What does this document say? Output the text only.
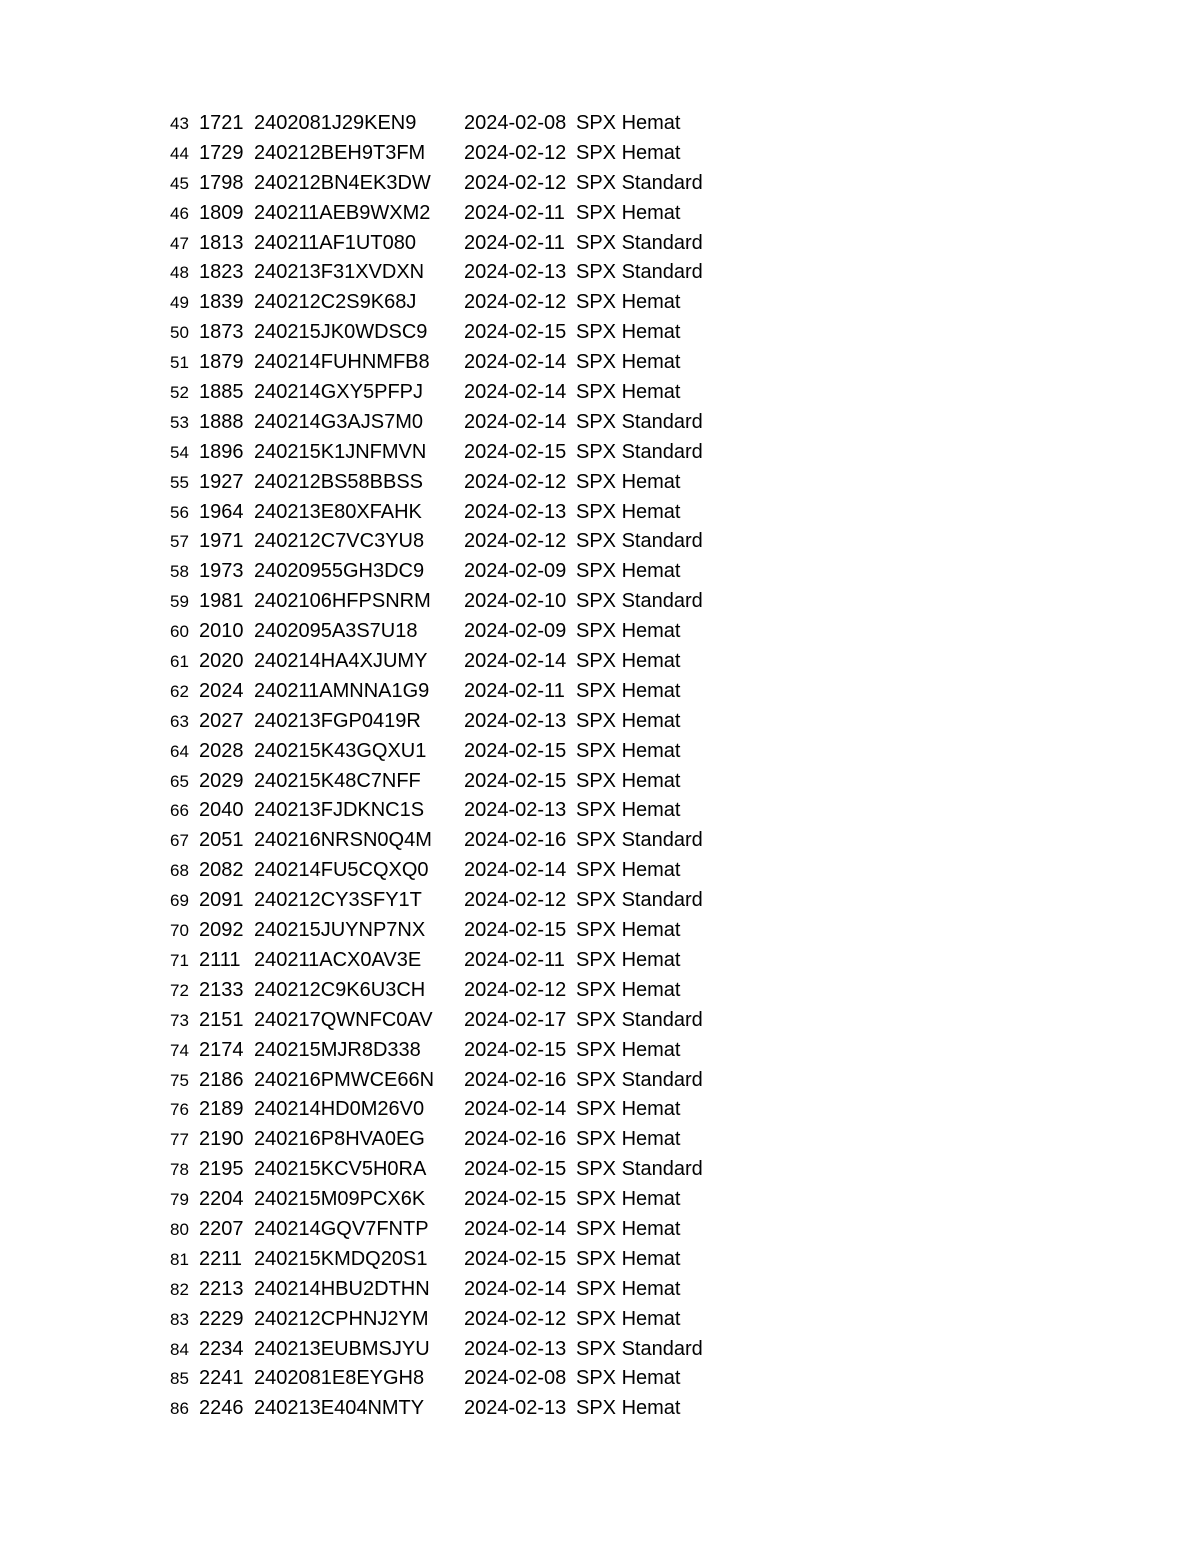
43 1721 2402081J29KEN9 2024-02-08 SPX Hemat
44 1729 240212BEH9T3FM 2024-02-12 SPX Hemat
45 1798 240212BN4EK3DW 2024-02-12 SPX Standard
46 1809 240211AEB9WXM2 2024-02-11 SPX Hemat
47 1813 240211AF1UT080 2024-02-11 SPX Standard
48 1823 240213F31XVDXN 2024-02-13 SPX Standard
49 1839 240212C2S9K68J 2024-02-12 SPX Hemat
50 1873 240215JK0WDSC9 2024-02-15 SPX Hemat
51 1879 240214FUHNMFB8 2024-02-14 SPX Hemat
52 1885 240214GXY5PFPJ 2024-02-14 SPX Hemat
53 1888 240214G3AJS7M0 2024-02-14 SPX Standard
54 1896 240215K1JNFMVN 2024-02-15 SPX Standard
55 1927 240212BS58BBSS 2024-02-12 SPX Hemat
56 1964 240213E80XFAHK 2024-02-13 SPX Hemat
57 1971 240212C7VC3YU8 2024-02-12 SPX Standard
58 1973 24020955GH3DC9 2024-02-09 SPX Hemat
59 1981 2402106HFPSNRM 2024-02-10 SPX Standard
60 2010 2402095A3S7U18 2024-02-09 SPX Hemat
61 2020 240214HA4XJUMY 2024-02-14 SPX Hemat
62 2024 240211AMNNA1G9 2024-02-11 SPX Hemat
63 2027 240213FGP0419R 2024-02-13 SPX Hemat
64 2028 240215K43GQXU1 2024-02-15 SPX Hemat
65 2029 240215K48C7NFF 2024-02-15 SPX Hemat
66 2040 240213FJDKNC1S 2024-02-13 SPX Hemat
67 2051 240216NRSN0Q4M 2024-02-16 SPX Standard
68 2082 240214FU5CQXQ0 2024-02-14 SPX Hemat
69 2091 240212CY3SFY1T 2024-02-12 SPX Standard
70 2092 240215JUYNP7NX 2024-02-15 SPX Hemat
71 2111 240211ACX0AV3E 2024-02-11 SPX Hemat
72 2133 240212C9K6U3CH 2024-02-12 SPX Hemat
73 2151 240217QWNFC0AV 2024-02-17 SPX Standard
74 2174 240215MJR8D338 2024-02-15 SPX Hemat
75 2186 240216PMWCE66N 2024-02-16 SPX Standard
76 2189 240214HD0M26V0 2024-02-14 SPX Hemat
77 2190 240216P8HVA0EG 2024-02-16 SPX Hemat
78 2195 240215KCV5H0RA 2024-02-15 SPX Standard
79 2204 240215M09PCX6K 2024-02-15 SPX Hemat
80 2207 240214GQV7FNTP 2024-02-14 SPX Hemat
81 2211 240215KMDQ20S1 2024-02-15 SPX Hemat
82 2213 240214HBU2DTHN 2024-02-14 SPX Hemat
83 2229 240212CPHNJ2YM 2024-02-12 SPX Hemat
84 2234 240213EUBMSJYU 2024-02-13 SPX Standard
85 2241 2402081E8EYGH8 2024-02-08 SPX Hemat
86 2246 240213E404NMTY 2024-02-13 SPX Hemat
